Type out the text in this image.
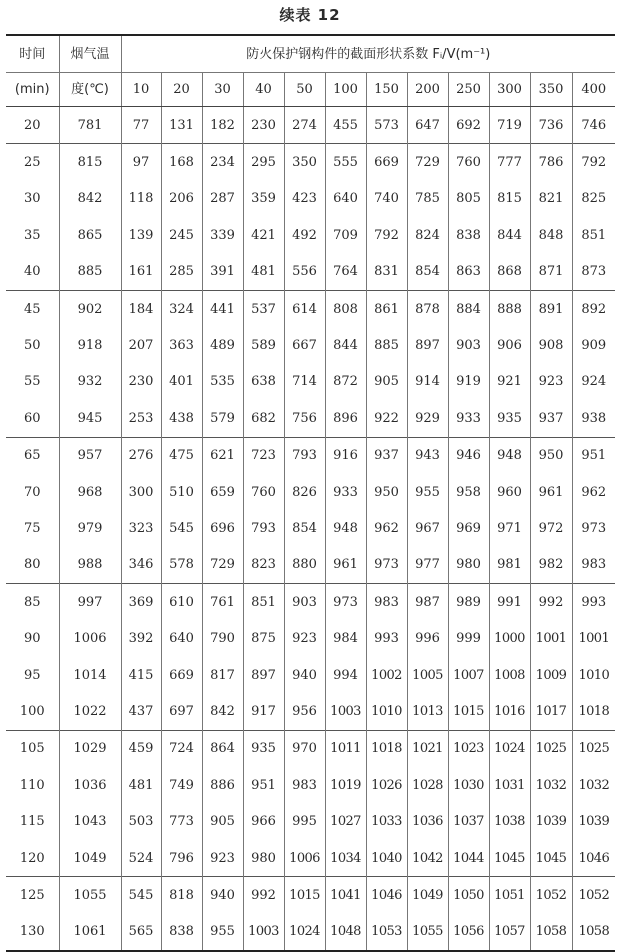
续表 12
时间	烟气温	防火保护钢构件的截面形状系数 Fᵢ/V(m⁻¹)											
(min)	度(℃)	10	20	30	40	50	100	150	200	250	300	350	400
20	781	77	131	182	230	274	455	573	647	692	719	736	746
25	815	97	168	234	295	350	555	669	729	760	777	786	792
30	842	118	206	287	359	423	640	740	785	805	815	821	825
35	865	139	245	339	421	492	709	792	824	838	844	848	851
40	885	161	285	391	481	556	764	831	854	863	868	871	873
45	902	184	324	441	537	614	808	861	878	884	888	891	892
50	918	207	363	489	589	667	844	885	897	903	906	908	909
55	932	230	401	535	638	714	872	905	914	919	921	923	924
60	945	253	438	579	682	756	896	922	929	933	935	937	938
65	957	276	475	621	723	793	916	937	943	946	948	950	951
70	968	300	510	659	760	826	933	950	955	958	960	961	962
75	979	323	545	696	793	854	948	962	967	969	971	972	973
80	988	346	578	729	823	880	961	973	977	980	981	982	983
85	997	369	610	761	851	903	973	983	987	989	991	992	993
90	1006	392	640	790	875	923	984	993	996	999	1000	1001	1001
95	1014	415	669	817	897	940	994	1002	1005	1007	1008	1009	1010
100	1022	437	697	842	917	956	1003	1010	1013	1015	1016	1017	1018
105	1029	459	724	864	935	970	1011	1018	1021	1023	1024	1025	1025
110	1036	481	749	886	951	983	1019	1026	1028	1030	1031	1032	1032
115	1043	503	773	905	966	995	1027	1033	1036	1037	1038	1039	1039
120	1049	524	796	923	980	1006	1034	1040	1042	1044	1045	1045	1046
125	1055	545	818	940	992	1015	1041	1046	1049	1050	1051	1052	1052
130	1061	565	838	955	1003	1024	1048	1053	1055	1056	1057	1058	1058
